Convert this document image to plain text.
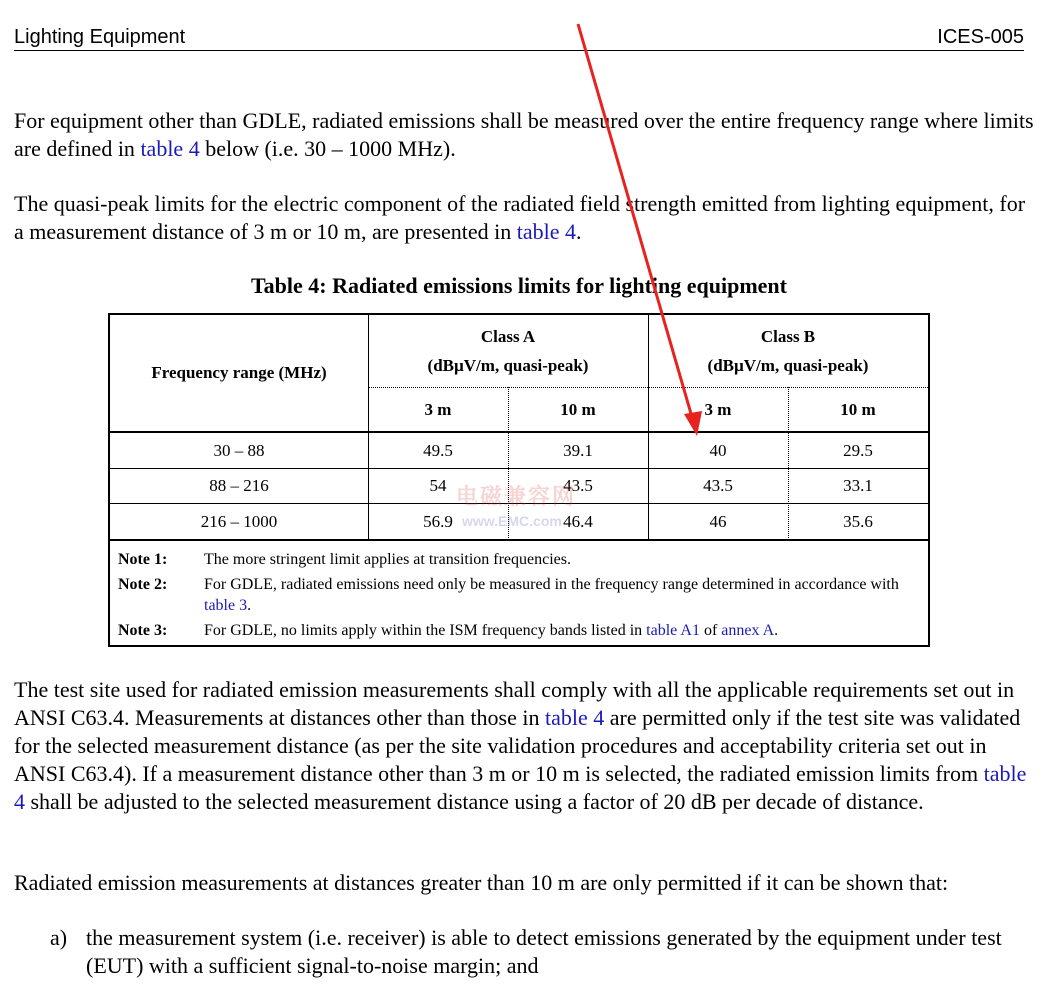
Lighting Equipment	ICES-005

For equipment other than GDLE, radiated emissions shall be measured over the entire frequency range where limits are defined in table 4 below (i.e. 30 – 1000 MHz).

The quasi-peak limits for the electric component of the radiated field strength emitted from lighting equipment, for a measurement distance of 3 m or 10 m, are presented in table 4.

Table 4: Radiated emissions limits for lighting equipment
Frequency range (MHz)
Class A
(dBµV/m, quasi-peak)
Class B
(dBµV/m, quasi-peak)
3 m	10 m	3 m	10 m
30 – 88	49.5	39.1	40	29.5
88 – 216	54	43.5	43.5	33.1
216 – 1000	56.9	46.4	46	35.6
Note 1: The more stringent limit applies at transition frequencies.
Note 2: For GDLE, radiated emissions need only be measured in the frequency range determined in accordance with table 3.
Note 3: For GDLE, no limits apply within the ISM frequency bands listed in table A1 of annex A.
电磁兼容网
www.EMC.com

The test site used for radiated emission measurements shall comply with all the applicable requirements set out in ANSI C63.4. Measurements at distances other than those in table 4 are permitted only if the test site was validated for the selected measurement distance (as per the site validation procedures and acceptability criteria set out in ANSI C63.4). If a measurement distance other than 3 m or 10 m is selected, the radiated emission limits from table 4 shall be adjusted to the selected measurement distance using a factor of 20 dB per decade of distance.

Radiated emission measurements at distances greater than 10 m are only permitted if it can be shown that:

a) the measurement system (i.e. receiver) is able to detect emissions generated by the equipment under test (EUT) with a sufficient signal-to-noise margin; and
